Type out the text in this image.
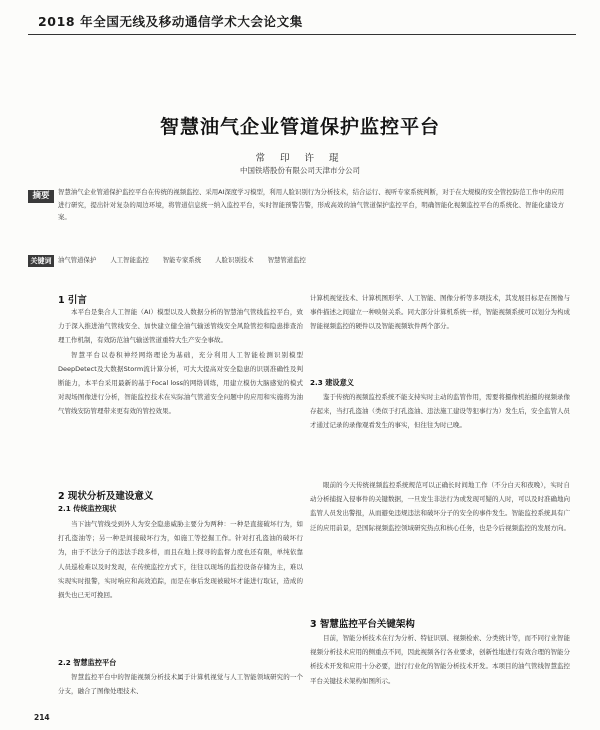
2018 年全国无线及移动通信学术大会论文集
智慧油气企业管道保护监控平台
常 印 许 琨
中国铁塔股份有限公司天津市分公司
摘要	智慧油气企业管道保护监控平台在传统的视频监控、采用AI深度学习模型，利用人脸识别行为分析技术，结合运行、视听专家系统判断，对于在大规模的安全管控防范工作中的应用进行研究，提出针对复杂的周边环境，将管道信息统一纳入监控平台，实时智能预警告警，形成高效的油气管道保护监控平台，明确智能化视频监控平台的系统化、智能化建设方案。
关键词	油气管道保护 人工智能监控 智能专家系统 人脸识别技术 智慧管道监控
1 引言

本平台是集合人工智能（AI）模型以及人数据分析的智慧油气管线监控平台，致力于深入推进油气管线安全、加快建立健全油气输送管线安全风险管控和隐患排查治理工作机制，有效防范油气输送管道重特大生产安全事故。

智慧平台以卷积神经网络理论为基础，充分利用人工智能检测识别模型DeepDetect及大数据Storm流计算分析，可大大提高对安全隐患的识别准确性及判断能力，本平台采用最新的基于Focal loss的网络训练，用建立模仿大脑感觉的模式对现场图像进行分析，智能监控技术在实际油气管道安全问题中的应用和实施将为油气管线安防管理带来更有效的管控效果。

2 现状分析及建设意义
2.1 传统监控现状

当下油气管线受到外人为安全隐患威胁主要分为两种：一种是直接破坏行为，如打孔盗油等；另一种是间接破坏行为，如施工等挖掘工作。针对打孔盗油的破坏行为，由于不法分子的违法手段多样，而且在地上探寻的监督力度也还有限，单纯依靠人员巡检难以及时发现，在传统监控方式下，往往以现场的监控设备存储为主，难以实现实时报警，实时响应和高效追踪，而是在事后发现被破坏才能进行取证，造成的损失也已无可挽回。

2.2 智慧监控平台

智慧监控平台中的智能视频分析技术属于计算机视觉与人工智能领域研究的一个分支，融合了图像处理技术、

计算机视觉技术、计算机图形学、人工智能、图像分析等多项技术，其发展目标是在图像与事件描述之间建立一种映射关系。同大部分计算机系统一样，智能视频系统可以划分为构成智能视频监控的硬件以及智能视频软件两个部分。

2.3 建设意义

鉴于传统的视频监控系统不能支持实时主动的监管作用，需要将摄像机拍摄的视频录像存起来，当打孔盗油（类似于打孔盗油、违法施工建设等犯事行为）发生后，安全监管人员才通过记录的录像观看发生的事实，但往往为时已晚。

眼前的今天传统视频监控系统规范可以正确长时间地工作（不分白天和夜晚），实时自动分析捕捉入侵事件的关键数据，一旦发生非法行为或发现可疑的人时，可以及时准确地向监管人员发出警报，从而避免违规违法和破坏分子的安全的事件发生。智能监控系统具有广泛的应用前景，是国际视频监控领域研究热点和核心任务，也是今后视频监控的发展方向。

3 智慧监控平台关键架构

目前，智能分析技术在行为分析、特征识别、视频检索、分类统计等，而不同行业智能视频分析技术应用的侧重点不同，因此视频各行各业要求，创新性地进行有效合理的智能分析技术开发和应用十分必要，进行行业化的智能分析技术开发。本项目的油气管线智慧监控平台关键技术架构如图所示。

214
